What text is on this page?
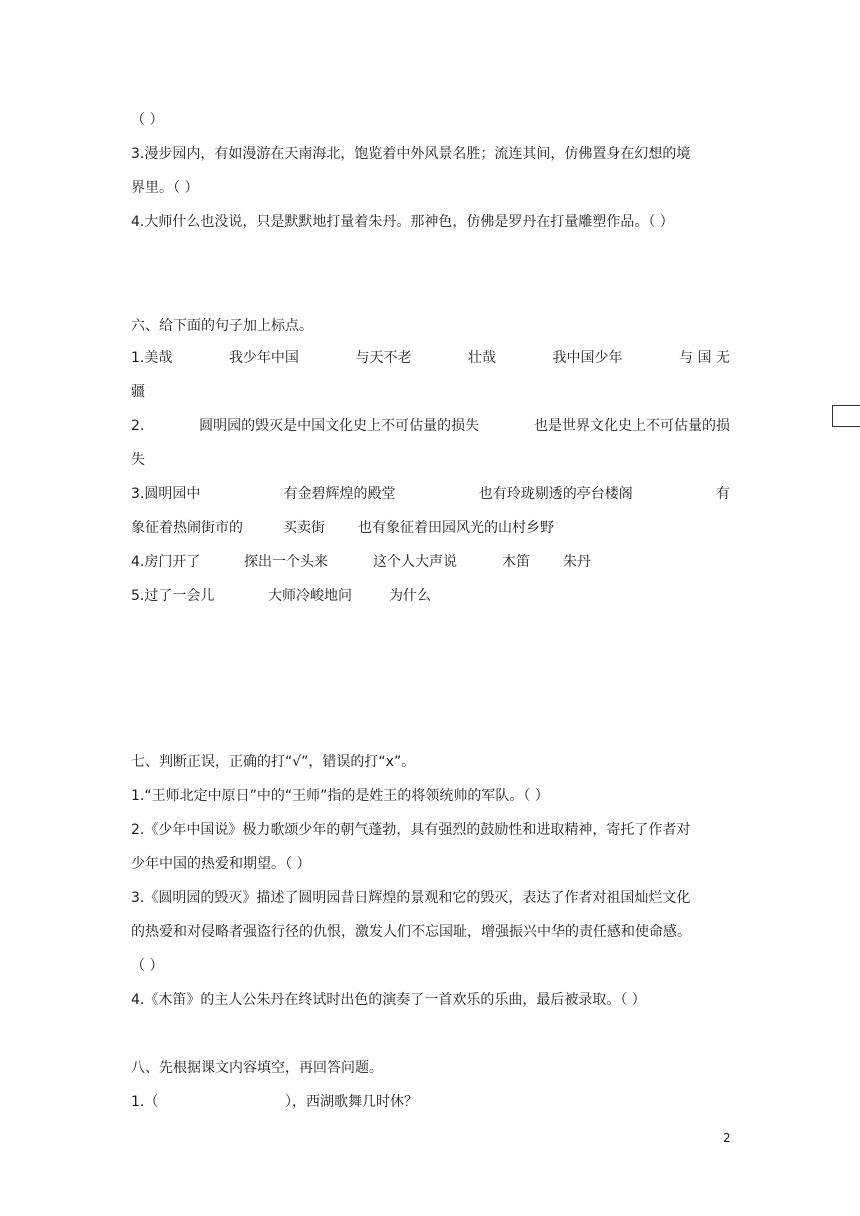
（ ）
3.漫步园内，有如漫游在天南海北，饱览着中外风景名胜；流连其间，仿佛置身在幻想的境
界里。（ ）
4.大师什么也没说，只是默默地打量着朱丹。那神色，仿佛是罗丹在打量雕塑作品。（ ）
六、给下面的句子加上标点。
1.美哉	我少年中国	与天不老	壮哉	我中国少年	与 国 无
疆
2.	圆明园的毁灭是中国文化史上不可估量的损失	也是世界文化史上不可估量的损
失
3.圆明园中	有金碧辉煌的殿堂	也有玲珑剔透的亭台楼阁	有
象征着热闹街市的	买卖街 也有象征着田园风光的山村乡野
4.房门开了	探出一个头来	这个人大声说	木笛 朱丹
5.过了一会儿	大师冷峻地问	为什么
七、判断正误，正确的打“√”，错误的打“x”。
1.“王师北定中原日”中的“王师”指的是姓王的将领统帅的军队。（ ）
2.《少年中国说》极力歌颂少年的朝气蓬勃，具有强烈的鼓励性和进取精神，寄托了作者对
少年中国的热爱和期望。（ ）
3.《圆明园的毁灭》描述了圆明园昔日辉煌的景观和它的毁灭，表达了作者对祖国灿烂文化
的热爱和对侵略者强盗行径的仇恨，激发人们不忘国耻，增强振兴中华的责任感和使命感。
（ ）
4.《木笛》的主人公朱丹在终试时出色的演奏了一首欢乐的乐曲，最后被录取。（ ）
八、先根据课文内容填空，再回答问题。
1.（	），西湖歌舞几时休？
2
